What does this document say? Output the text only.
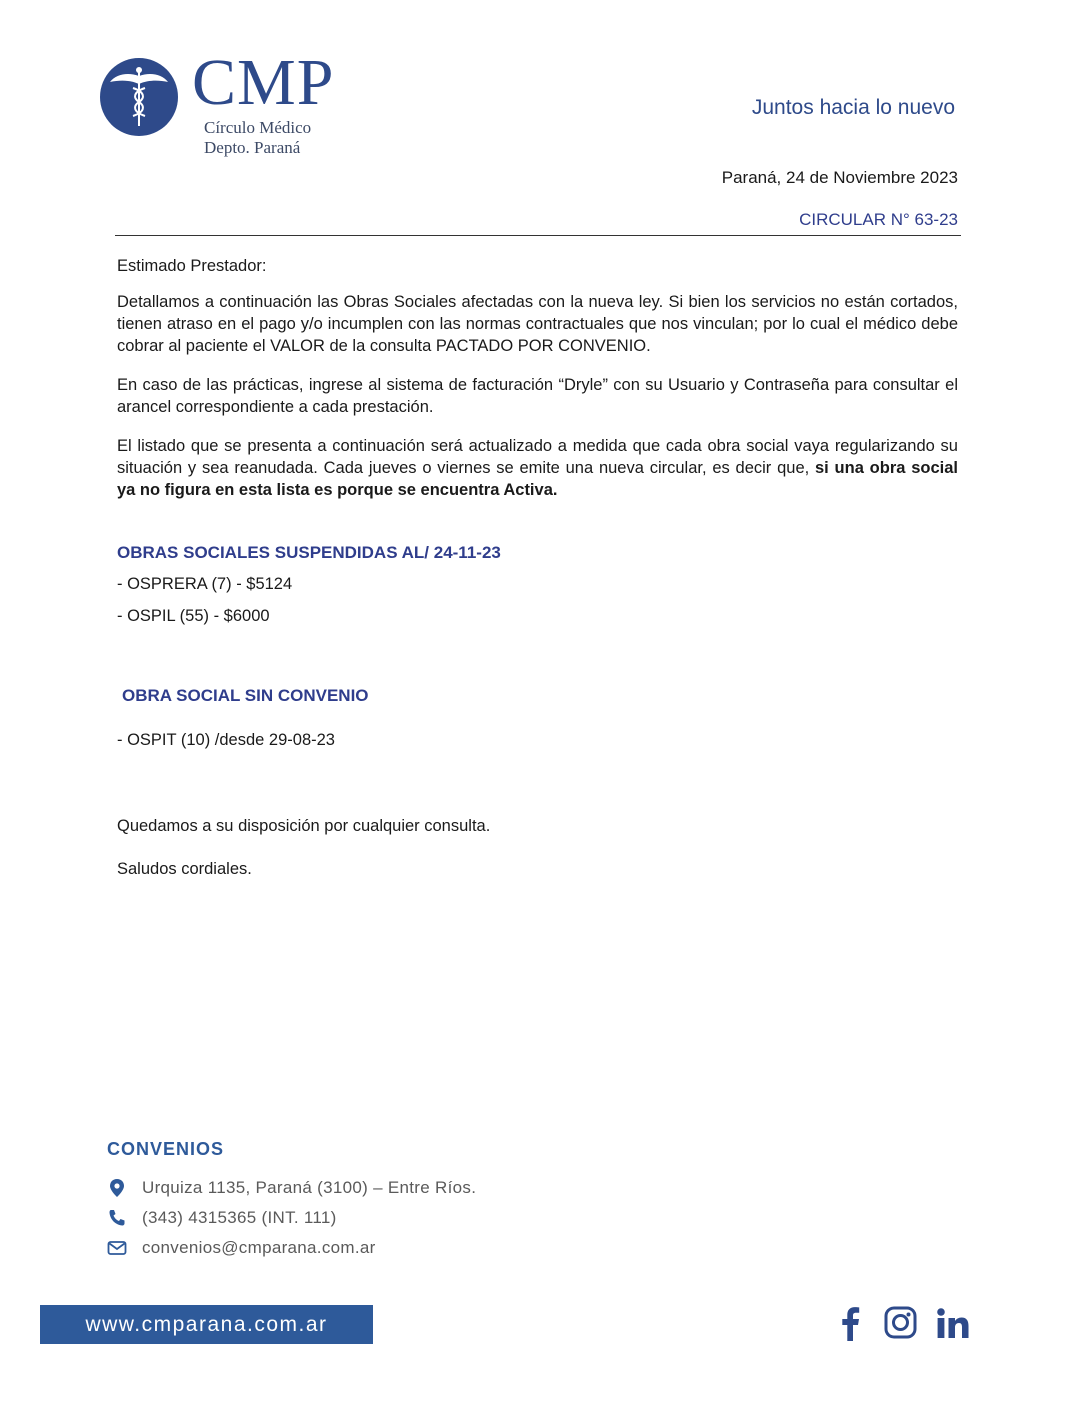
CMP
Círculo Médico
Depto. Paraná
Juntos hacia lo nuevo
Paraná, 24 de Noviembre 2023
CIRCULAR N° 63-23
Estimado Prestador:

Detallamos a continuación las Obras Sociales afectadas con la nueva ley. Si bien los servicios no están cortados, tienen atraso en el pago y/o incumplen con las normas contractuales que nos vinculan; por lo cual el médico debe cobrar al paciente el VALOR de la consulta PACTADO POR CONVENIO.

En caso de las prácticas, ingrese al sistema de facturación “Dryle” con su Usuario y Contraseña para consultar el arancel correspondiente a cada prestación.

El listado que se presenta a continuación será actualizado a medida que cada obra social vaya regularizando su situación y sea reanudada. Cada jueves o viernes se emite una nueva circular, es decir que, si una obra social ya no figura en esta lista es porque se encuentra Activa.

OBRAS SOCIALES SUSPENDIDAS AL/ 24-11-23
- OSPRERA (7) - $5124
- OSPIL (55) - $6000
OBRA SOCIAL SIN CONVENIO
- OSPIT (10) /desde 29-08-23
Quedamos a su disposición por cualquier consulta.
Saludos cordiales.
CONVENIOS
Urquiza 1135, Paraná (3100) – Entre Ríos.
(343) 4315365 (INT. 111)
convenios@cmparana.com.ar
www.cmparana.com.ar
